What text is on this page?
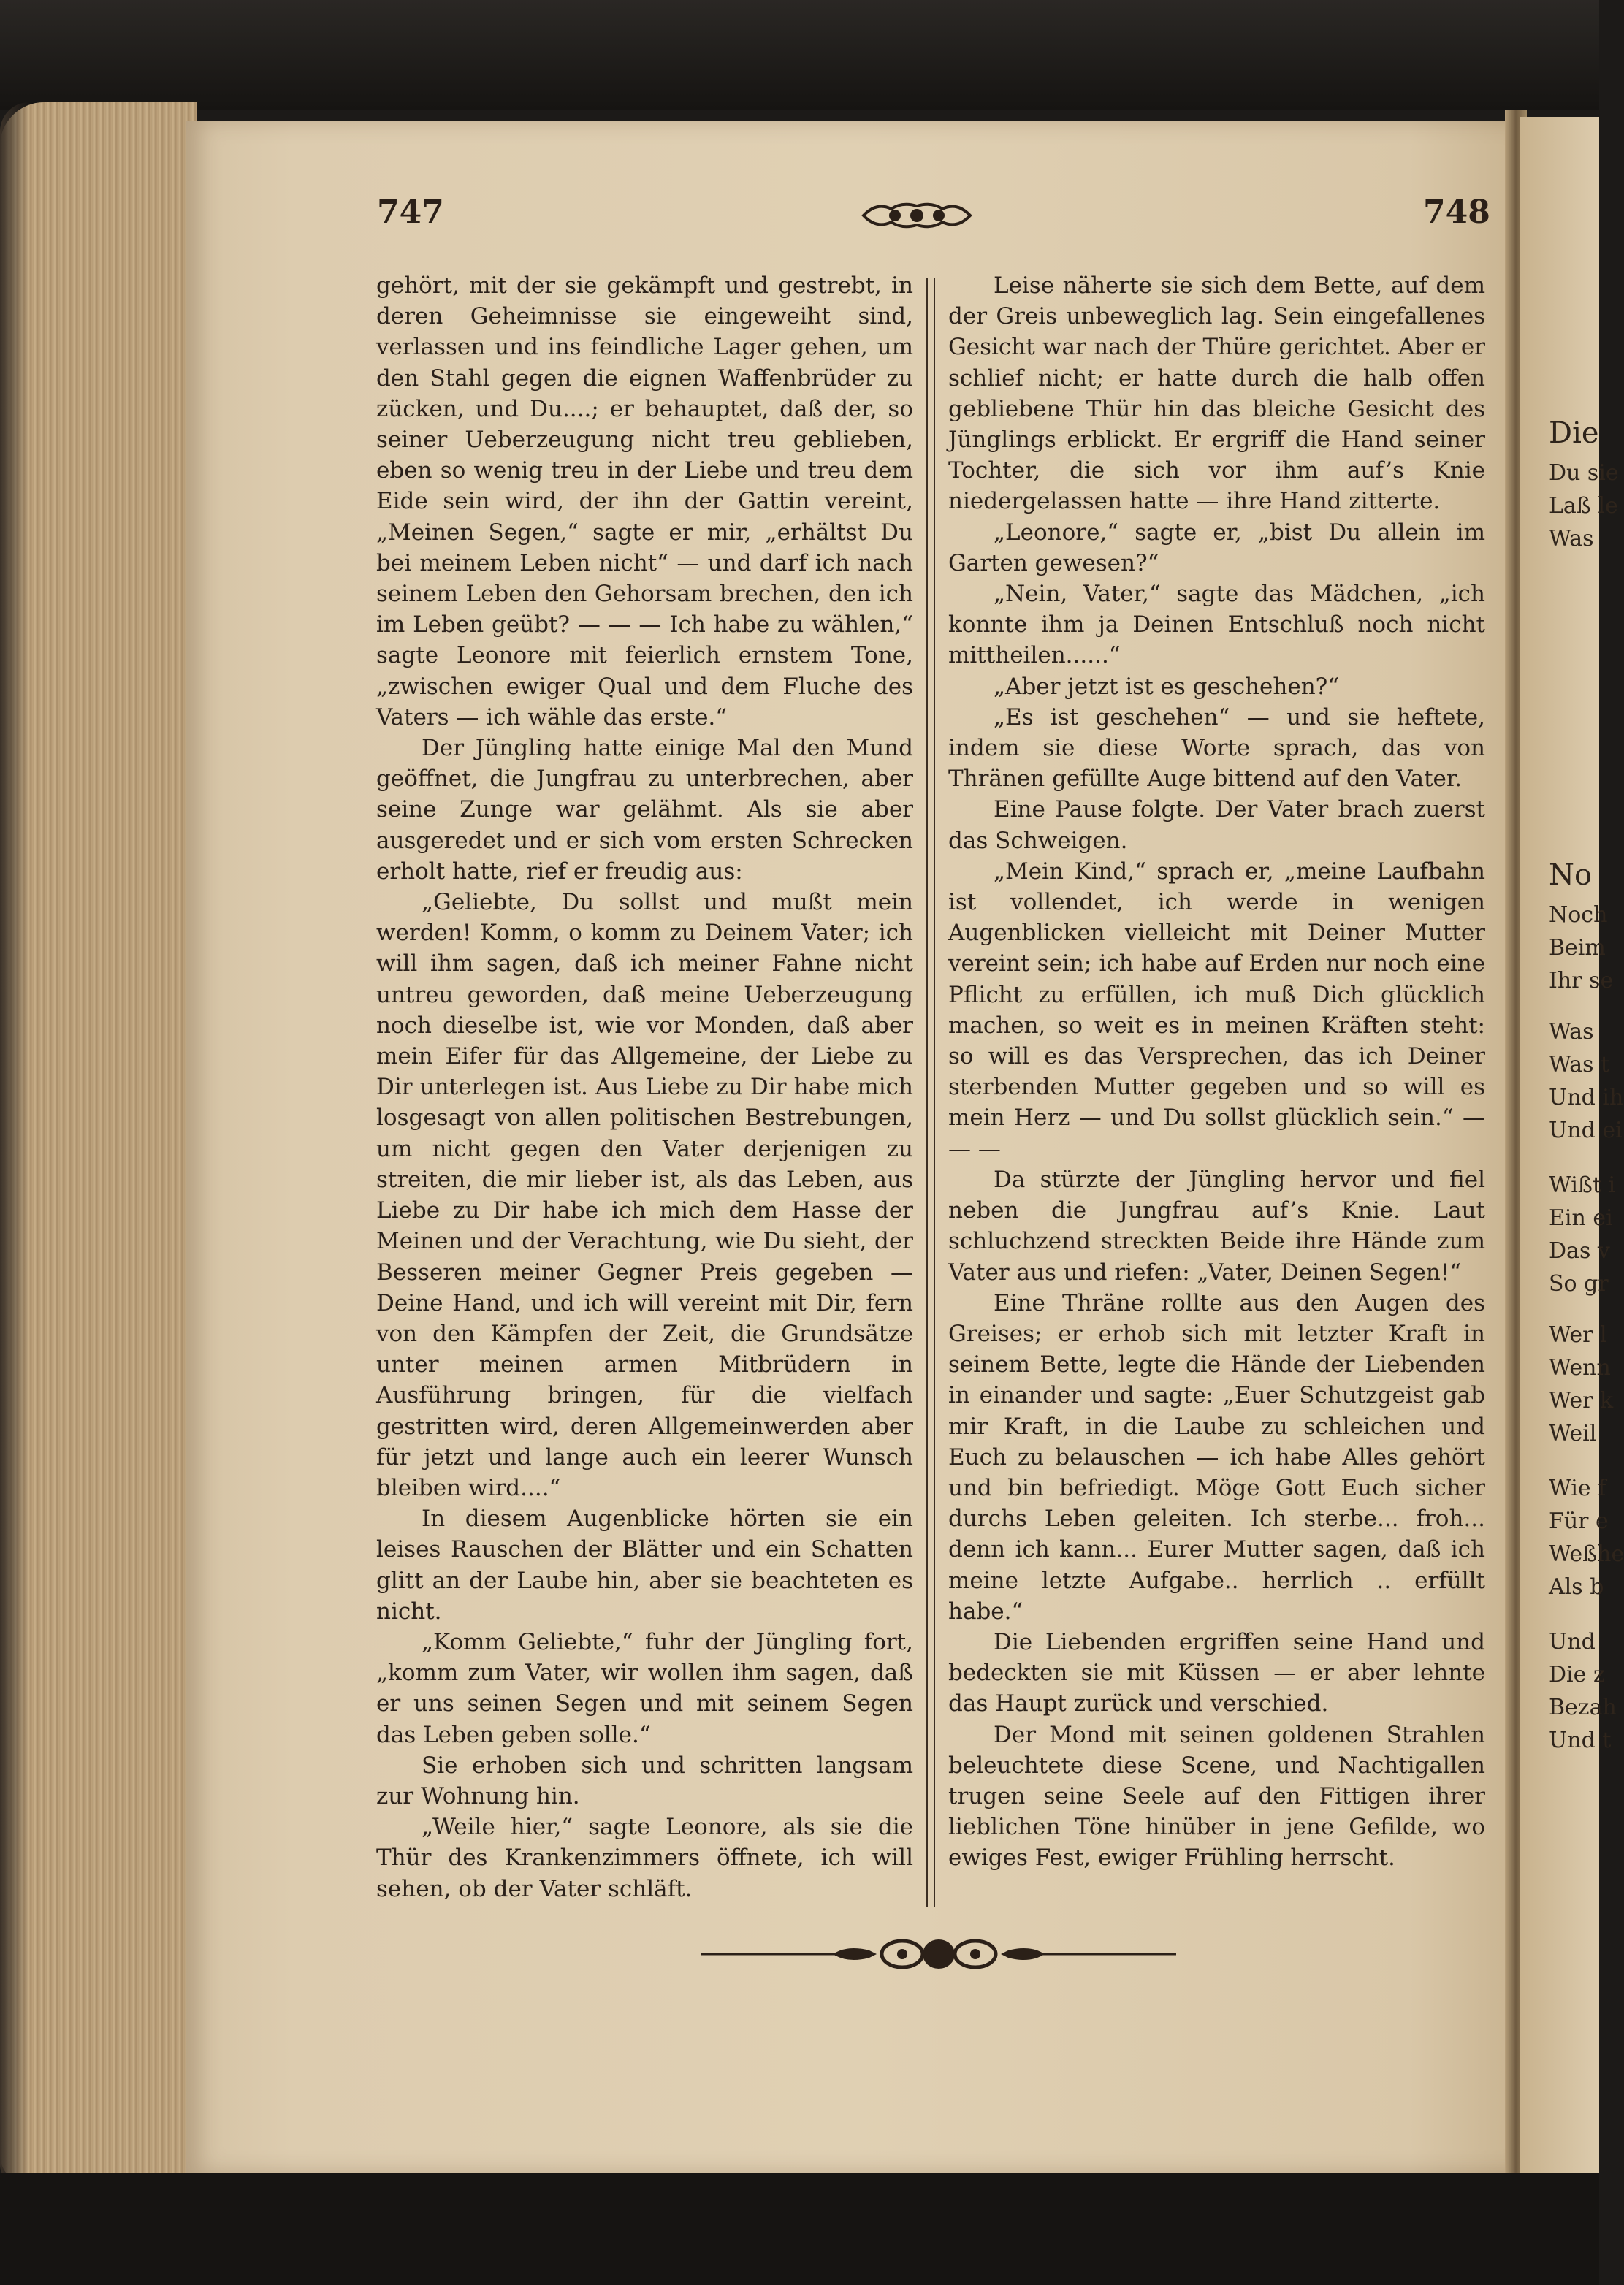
Die
Du sie
Laß le
Was
No
Noch
Beim
Ihr se
Was
Was t
Und ih
Und ei
Wißt i
Ein ei
Das v
So gr
Wer l
Wenn
Wer k
Weil
Wie f
Für e
Weßhe
Als b
Und
Die z
Bezah
Und t
747	748

gehört, mit der sie gekämpft und gestrebt, in deren Geheimnisse sie eingeweiht sind, verlassen und ins feindliche Lager gehen, um den Stahl gegen die eignen Waffenbrüder zu zücken, und Du....; er behauptet, daß der, so seiner Ueberzeugung nicht treu geblieben, eben so wenig treu in der Liebe und treu dem Eide sein wird, der ihn der Gattin vereint, „Meinen Segen,“ sagte er mir, „erhältst Du bei meinem Leben nicht“ — und darf ich nach seinem Leben den Gehorsam brechen, den ich im Leben geübt? — — — Ich habe zu wählen,“ sagte Leonore mit feierlich ernstem Tone, „zwischen ewiger Qual und dem Fluche des Vaters — ich wähle das erste.“

Der Jüngling hatte einige Mal den Mund geöffnet, die Jungfrau zu unterbrechen, aber seine Zunge war gelähmt. Als sie aber ausgeredet und er sich vom ersten Schrecken erholt hatte, rief er freudig aus:

„Geliebte, Du sollst und mußt mein werden! Komm, o komm zu Deinem Vater; ich will ihm sagen, daß ich meiner Fahne nicht untreu geworden, daß meine Ueberzeugung noch dieselbe ist, wie vor Monden, daß aber mein Eifer für das Allgemeine, der Liebe zu Dir unterlegen ist. Aus Liebe zu Dir habe mich losgesagt von allen politischen Bestrebungen, um nicht gegen den Vater derjenigen zu streiten, die mir lieber ist, als das Leben, aus Liebe zu Dir habe ich mich dem Hasse der Meinen und der Verachtung, wie Du sieht, der Besseren meiner Gegner Preis gegeben — Deine Hand, und ich will vereint mit Dir, fern von den Kämpfen der Zeit, die Grundsätze unter meinen armen Mitbrüdern in Ausführung bringen, für die vielfach gestritten wird, deren Allgemeinwerden aber für jetzt und lange auch ein leerer Wunsch bleiben wird....“

In diesem Augenblicke hörten sie ein leises Rauschen der Blätter und ein Schatten glitt an der Laube hin, aber sie beachteten es nicht.

„Komm Geliebte,“ fuhr der Jüngling fort, „komm zum Vater, wir wollen ihm sagen, daß er uns seinen Segen und mit seinem Segen das Leben geben solle.“

Sie erhoben sich und schritten langsam zur Wohnung hin.

„Weile hier,“ sagte Leonore, als sie die Thür des Krankenzimmers öffnete, ich will sehen, ob der Vater schläft.

Leise näherte sie sich dem Bette, auf dem der Greis unbeweglich lag. Sein eingefallenes Gesicht war nach der Thüre gerichtet. Aber er schlief nicht; er hatte durch die halb offen gebliebene Thür hin das bleiche Gesicht des Jünglings erblickt. Er ergriff die Hand seiner Tochter, die sich vor ihm auf’s Knie niedergelassen hatte — ihre Hand zitterte.

„Leonore,“ sagte er, „bist Du allein im Garten gewesen?“

„Nein, Vater,“ sagte das Mädchen, „ich konnte ihm ja Deinen Entschluß noch nicht mittheilen......“

„Aber jetzt ist es geschehen?“

„Es ist geschehen“ — und sie heftete, indem sie diese Worte sprach, das von Thränen gefüllte Auge bittend auf den Vater.

Eine Pause folgte. Der Vater brach zuerst das Schweigen.

„Mein Kind,“ sprach er, „meine Laufbahn ist vollendet, ich werde in wenigen Augenblicken vielleicht mit Deiner Mutter vereint sein; ich habe auf Erden nur noch eine Pflicht zu erfüllen, ich muß Dich glücklich machen, so weit es in meinen Kräften steht: so will es das Versprechen, das ich Deiner sterbenden Mutter gegeben und so will es mein Herz — und Du sollst glücklich sein.“ — — —

Da stürzte der Jüngling hervor und fiel neben die Jungfrau auf’s Knie. Laut schluchzend streckten Beide ihre Hände zum Vater aus und riefen: „Vater, Deinen Segen!“

Eine Thräne rollte aus den Augen des Greises; er erhob sich mit letzter Kraft in seinem Bette, legte die Hände der Liebenden in einander und sagte: „Euer Schutzgeist gab mir Kraft, in die Laube zu schleichen und Euch zu belauschen — ich habe Alles gehört und bin befriedigt. Möge Gott Euch sicher durchs Leben geleiten. Ich sterbe... froh... denn ich kann... Eurer Mutter sagen, daß ich meine letzte Aufgabe.. herrlich .. erfüllt habe.“

Die Liebenden ergriffen seine Hand und bedeckten sie mit Küssen — er aber lehnte das Haupt zurück und verschied.

Der Mond mit seinen goldenen Strahlen beleuchtete diese Scene, und Nachtigallen trugen seine Seele auf den Fittigen ihrer lieblichen Töne hinüber in jene Gefilde, wo ewiges Fest, ewiger Frühling herrscht.
